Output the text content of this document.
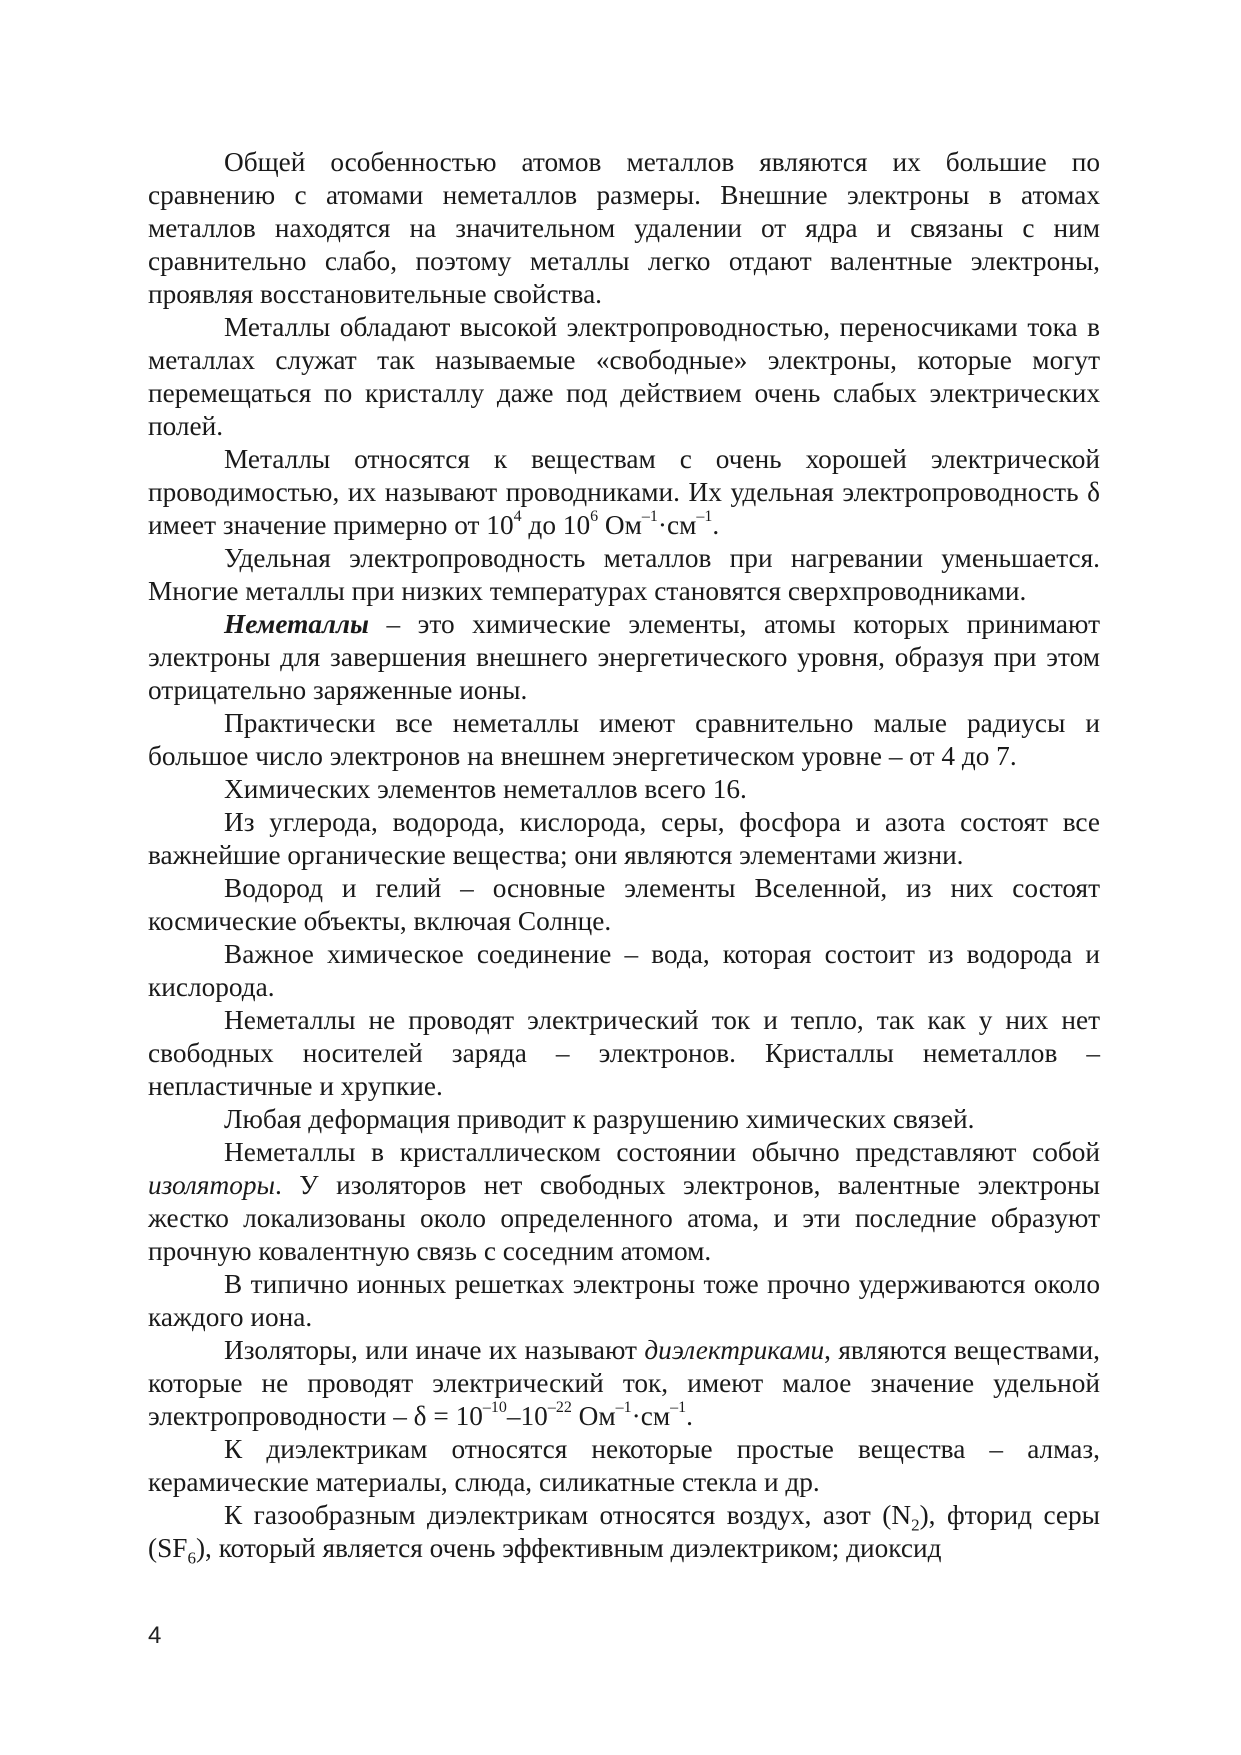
Общей особенностью атомов металлов являются их большие по сравнению с атомами неметаллов размеры. Внешние электроны в атомах металлов находятся на значительном удалении от ядра и связаны с ним сравнительно слабо, поэтому металлы легко отдают валентные электроны, проявляя восстановительные свойства.

Металлы обладают высокой электропроводностью, переносчиками тока в металлах служат так называемые «свободные» электроны, которые могут перемещаться по кристаллу даже под действием очень слабых электрических полей.

Металлы относятся к веществам с очень хорошей электрической проводимостью, их называют проводниками. Их удельная электропроводность δ имеет значение примерно от $10^4$ до $10^6$ $Ом^{-1}\cdot см^{-1}$.

Удельная электропроводность металлов при нагревании уменьшается. Многие металлы при низких температурах становятся сверхпроводниками.

Неметаллы – это химические элементы, атомы которых принимают электроны для завершения внешнего энергетического уровня, образуя при этом отрицательно заряженные ионы.

Практически все неметаллы имеют сравнительно малые радиусы и большое число электронов на внешнем энергетическом уровне – от 4 до 7.

Химических элементов неметаллов всего 16.

Из углерода, водорода, кислорода, серы, фосфора и азота состоят все важнейшие органические вещества; они являются элементами жизни.

Водород и гелий – основные элементы Вселенной, из них состоят космические объекты, включая Солнце.

Важное химическое соединение – вода, которая состоит из водорода и кислорода.

Неметаллы не проводят электрический ток и тепло, так как у них нет свободных носителей заряда – электронов. Кристаллы неметаллов – непластичные и хрупкие.

Любая деформация приводит к разрушению химических связей.

Неметаллы в кристаллическом состоянии обычно представляют собой изоляторы. У изоляторов нет свободных электронов, валентные электроны жестко локализованы около определенного атома, и эти последние образуют прочную ковалентную связь с соседним атомом.

В типично ионных решетках электроны тоже прочно удерживаются около каждого иона.

Изоляторы, или иначе их называют диэлектриками, являются веществами, которые не проводят электрический ток, имеют малое значение удельной электропроводности – $\delta = 10^{-10}-10^{-22}$ $Ом^{-1}\cdot см^{-1}$.

К диэлектрикам относятся некоторые простые вещества – алмаз, керамические материалы, слюда, силикатные стекла и др.

К газообразным диэлектрикам относятся воздух, азот $(N_2)$, фторид серы $(SF_6)$, который является очень эффективным диэлектриком; диоксид

4
